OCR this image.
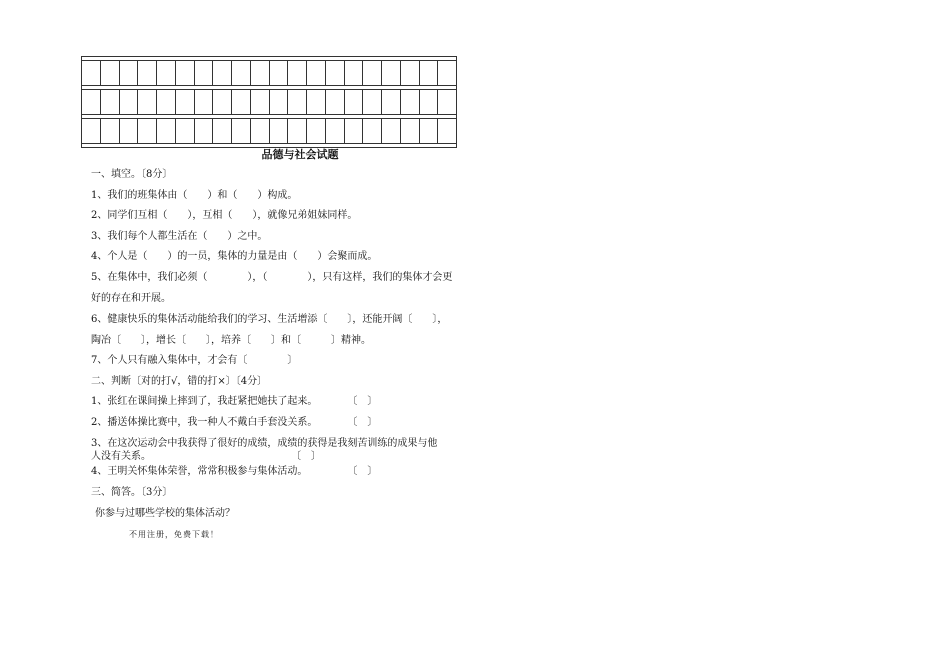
品德与社会试题
一、填空。〔8分〕
1、我们的班集体由（　　）和（　　）构成。
2、同学们互相（　　），互相（　　），就像兄弟姐妹同样。
3、我们每个人都生活在（　　）之中。
4、个人是（　　）的一员，集体的力量是由（　　）会聚而成。
5、在集体中，我们必须（　　　　），（　　　　），只有这样，我们的集体才会更
好的存在和开展。
6、健康快乐的集体活动能给我们的学习、生活增添〔　　〕，还能开阔〔　　〕，
陶冶〔　　〕，增长〔　　〕，培养〔　　〕和〔　　　〕精神。
7、个人只有融入集体中，才会有〔　　　　〕
二、判断〔对的打√，错的打×〕〔4分〕
1、张红在课间操上摔到了，我赶紧把她扶了起来。　　　　〔　〕
2、播送体操比赛中，我一种人不戴白手套没关系。　　　　〔　〕
3、在这次运动会中我获得了很好的成绩，成绩的获得是我刻苦训练的成果与他
人没有关系。　　　　　　　　　　　　　　　〔　〕
4、王明关怀集体荣誉，常常积极参与集体活动。　　　　　〔　〕
三、简答。〔3分〕
你参与过哪些学校的集体活动？
不用注册，免费下载！
